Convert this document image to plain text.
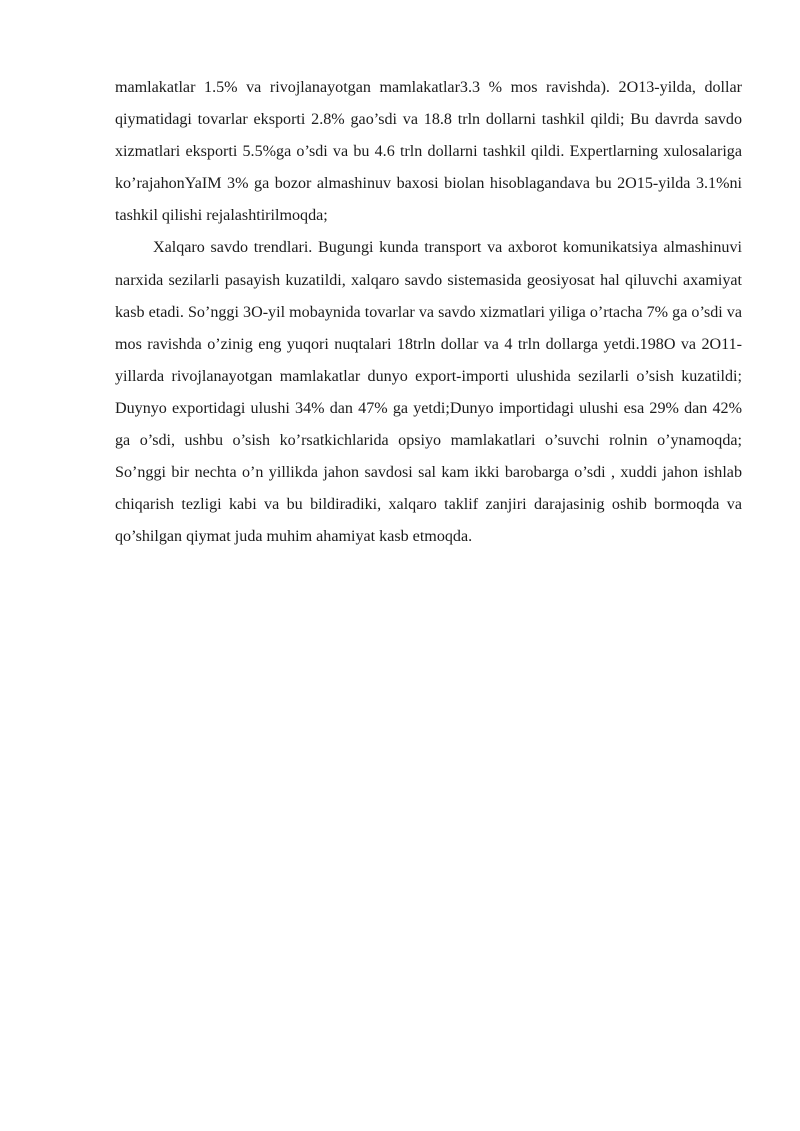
mamlakatlar 1.5% va rivojlanayotgan mamlakatlar3.3 % mos ravishda). 2O13-yilda, dollar qiymatidagi tovarlar eksporti 2.8% gao’sdi va 18.8 trln dollarni tashkil qildi; Bu davrda savdo xizmatlari eksporti 5.5%ga o’sdi va bu 4.6 trln dollarni tashkil qildi. Expertlarning xulosalariga ko’rajahonYaIM 3% ga bozor almashinuv baxosi biolan hisoblagandava bu 2O15-yilda 3.1%ni tashkil qilishi rejalashtirilmoqda;

Xalqaro savdo trendlari. Bugungi kunda transport va axborot komunikatsiya almashinuvi narxida sezilarli pasayish kuzatildi, xalqaro savdo sistemasida geosiyosat hal qiluvchi axamiyat kasb etadi. So’nggi 3O-yil mobaynida tovarlar va savdo xizmatlari yiliga o’rtacha 7% ga o’sdi va mos ravishda o’zinig eng yuqori nuqtalari 18trln dollar va 4 trln dollarga yetdi.198O va 2O11- yillarda rivojlanayotgan mamlakatlar dunyo export-importi ulushida sezilarli o’sish kuzatildi; Duynyo exportidagi ulushi 34% dan 47% ga yetdi;Dunyo importidagi ulushi esa 29% dan 42% ga o’sdi, ushbu o’sish ko’rsatkichlarida opsiyo mamlakatlari o’suvchi rolnin o’ynamoqda; So’nggi bir nechta o’n yillikda jahon savdosi sal kam ikki barobarga o’sdi , xuddi jahon ishlab chiqarish tezligi kabi va bu bildiradiki, xalqaro taklif zanjiri darajasinig oshib bormoqda va qo’shilgan qiymat juda muhim ahamiyat kasb etmoqda.
